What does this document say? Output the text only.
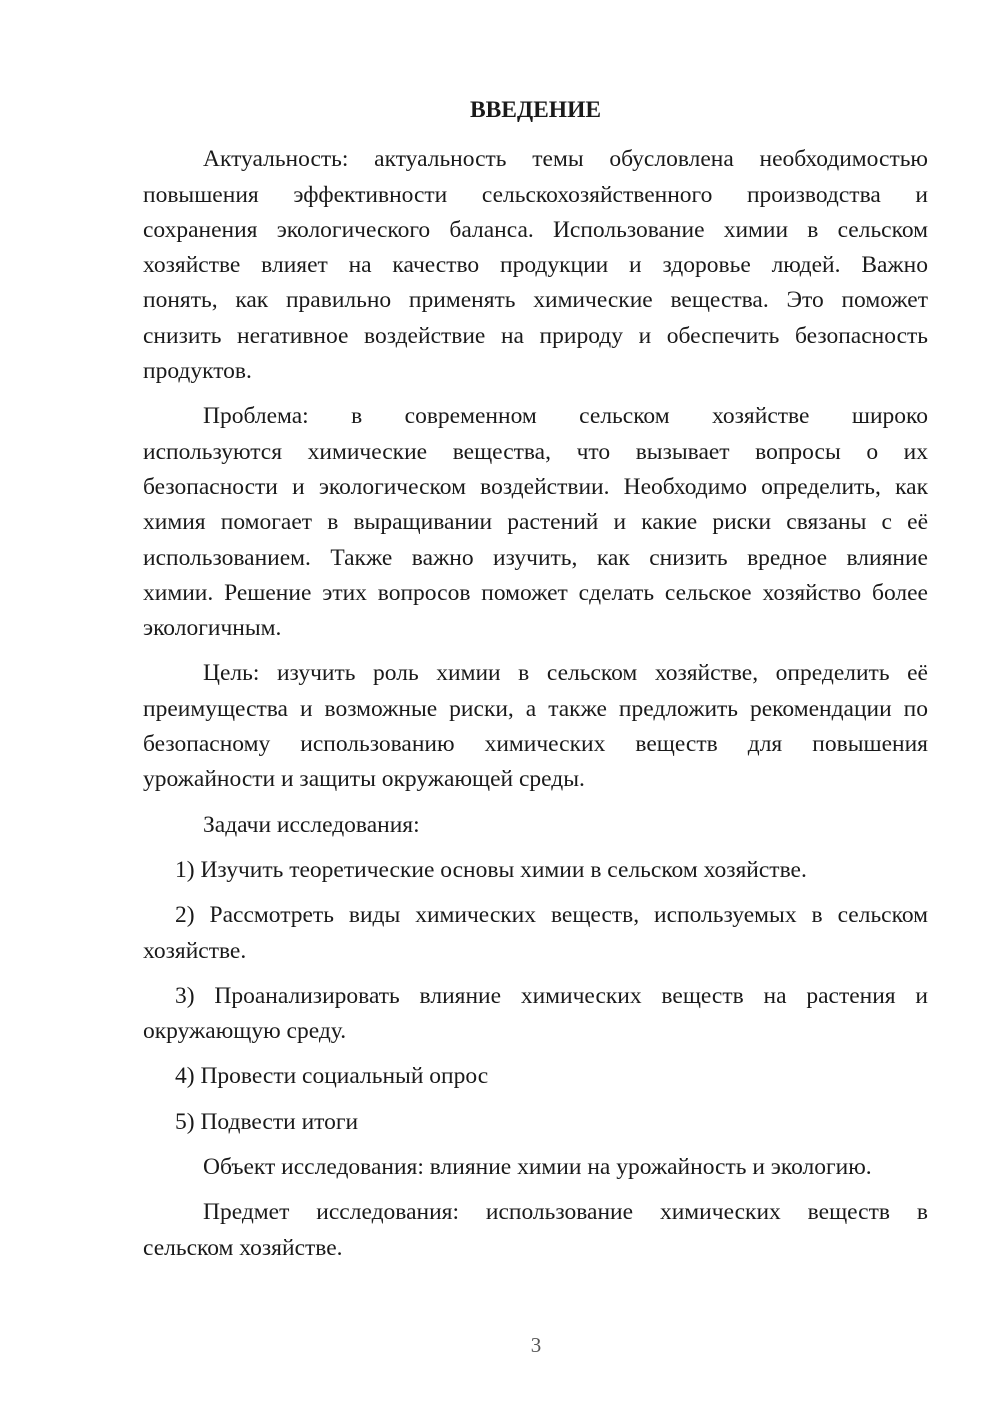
ВВЕДЕНИЕ
Актуальность: актуальность темы обусловлена необходимостью
повышения эффективности сельскохозяйственного производства и
сохранения экологического баланса. Использование химии в сельском
хозяйстве влияет на качество продукции и здоровье людей. Важно
понять, как правильно применять химические вещества. Это поможет
снизить негативное воздействие на природу и обеспечить безопасность
продуктов.
Проблема: в современном сельском хозяйстве широко
используются химические вещества, что вызывает вопросы о их
безопасности и экологическом воздействии. Необходимо определить, как
химия помогает в выращивании растений и какие риски связаны с её
использованием. Также важно изучить, как снизить вредное влияние
химии. Решение этих вопросов поможет сделать сельское хозяйство более
экологичным.
Цель: изучить роль химии в сельском хозяйстве, определить её
преимущества и возможные риски, а также предложить рекомендации по
безопасному использованию химических веществ для повышения
урожайности и защиты окружающей среды.
Задачи исследования:
1) Изучить теоретические основы химии в сельском хозяйстве.
2) Рассмотреть виды химических веществ, используемых в сельском
хозяйстве.
3) Проанализировать влияние химических веществ на растения и
окружающую среду.
4) Провести социальный опрос
5) Подвести итоги
Объект исследования: влияние химии на урожайность и экологию.
Предмет исследования: использование химических веществ в
сельском хозяйстве.
3
